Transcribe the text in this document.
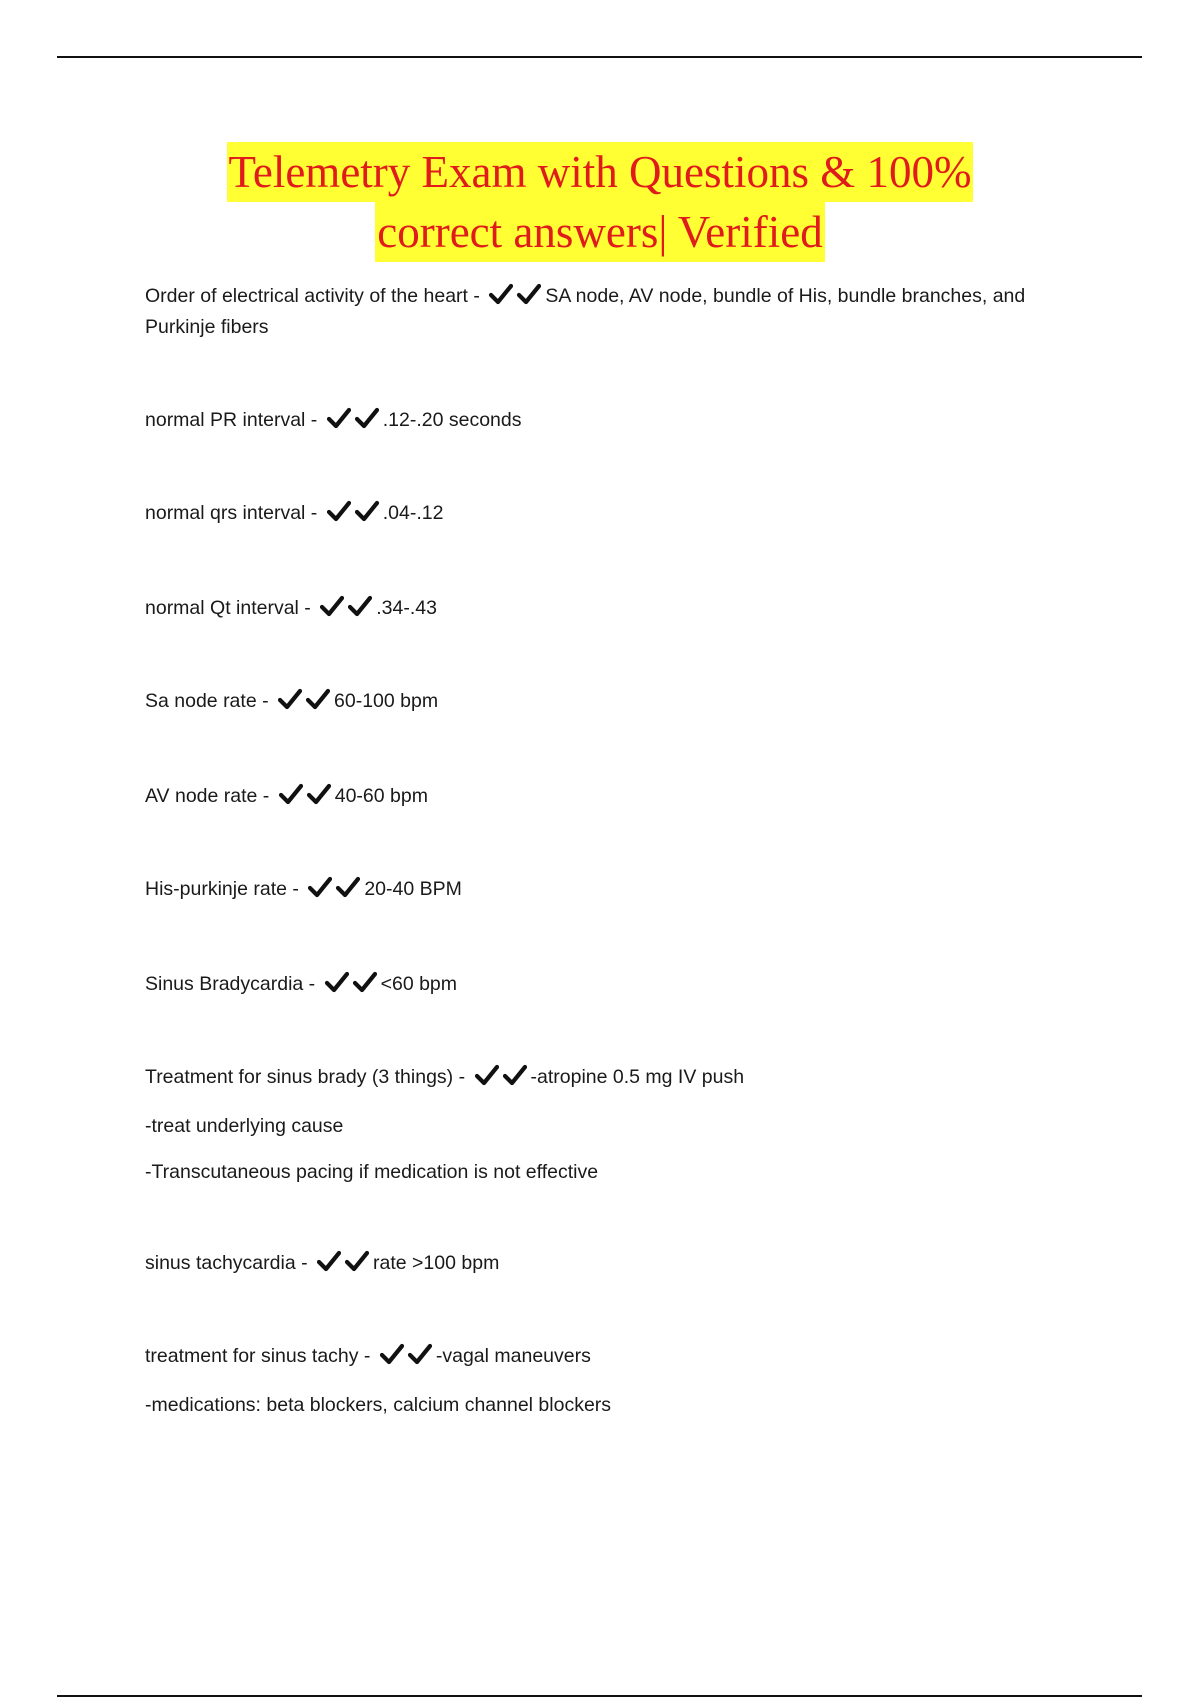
Telemetry Exam with Questions & 100%
correct answers| Verified
Order of electrical activity of the heart -	SA node, AV node, bundle of His, bundle branches, and Purkinje fibers
normal PR interval -	.12-.20 seconds
normal qrs interval -	.04-.12
normal Qt interval -	.34-.43
Sa node rate -	60-100 bpm
AV node rate -	40-60 bpm
His-purkinje rate -	20-40 BPM
Sinus Bradycardia -	<60 bpm
Treatment for sinus brady (3 things) -	-atropine 0.5 mg IV push
-treat underlying cause
-Transcutaneous pacing if medication is not effective
sinus tachycardia -	rate >100 bpm
treatment for sinus tachy -	-vagal maneuvers
-medications: beta blockers, calcium channel blockers
